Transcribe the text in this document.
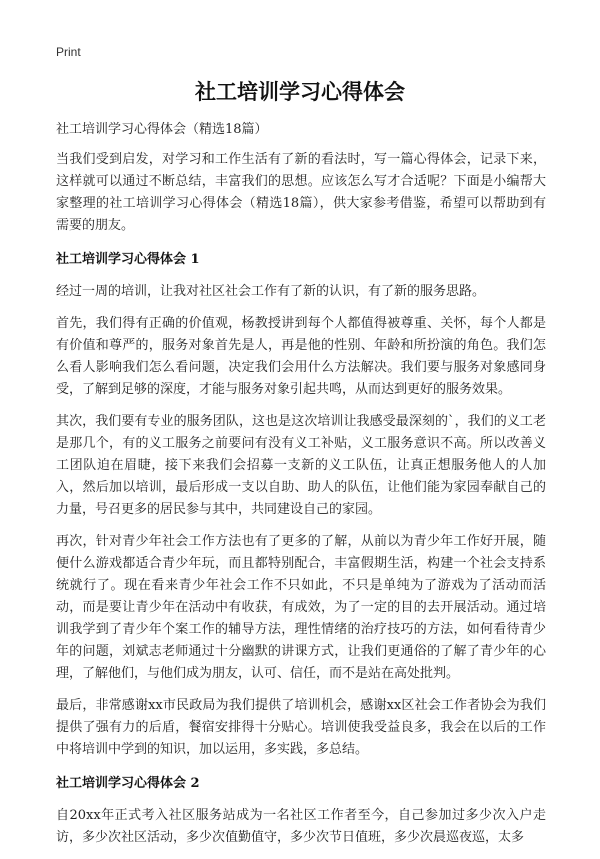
Print
社工培训学习心得体会

社工培训学习心得体会（精选18篇）

当我们受到启发，对学习和工作生活有了新的看法时，写一篇心得体会，记录下来，这样就可以通过不断总结，丰富我们的思想。应该怎么写才合适呢？下面是小编帮大家整理的社工培训学习心得体会（精选18篇），供大家参考借鉴，希望可以帮助到有需要的朋友。

社工培训学习心得体会 1

经过一周的培训，让我对社区社会工作有了新的认识，有了新的服务思路。

首先，我们得有正确的价值观，杨教授讲到每个人都值得被尊重、关怀，每个人都是有价值和尊严的，服务对象首先是人，再是他的性别、年龄和所扮演的角色。我们怎么看人影响我们怎么看问题，决定我们会用什么方法解决。我们要与服务对象感同身受，了解到足够的深度，才能与服务对象引起共鸣，从而达到更好的服务效果。

其次，我们要有专业的服务团队，这也是这次培训让我感受最深刻的`，我们的义工老是那几个，有的义工服务之前要问有没有义工补贴，义工服务意识不高。所以改善义工团队迫在眉睫，接下来我们会招募一支新的义工队伍，让真正想服务他人的人加入，然后加以培训，最后形成一支以自助、助人的队伍，让他们能为家园奉献自己的力量，号召更多的居民参与其中，共同建设自己的家园。

再次，针对青少年社会工作方法也有了更多的了解，从前以为青少年工作好开展，随便什么游戏都适合青少年玩，而且都特别配合，丰富假期生活，构建一个社会支持系统就行了。现在看来青少年社会工作不只如此，不只是单纯为了游戏为了活动而活动，而是要让青少年在活动中有收获，有成效，为了一定的目的去开展活动。通过培训我学到了青少年个案工作的辅导方法，理性情绪的治疗技巧的方法，如何看待青少年的问题，刘斌志老师通过十分幽默的讲课方式，让我们更通俗的了解了青少年的心理，了解他们，与他们成为朋友，认可、信任，而不是站在高处批判。

最后，非常感谢xx市民政局为我们提供了培训机会，感谢xx区社会工作者协会为我们提供了强有力的后盾，餐宿安排得十分贴心。培训使我受益良多，我会在以后的工作中将培训中学到的知识，加以运用，多实践，多总结。

社工培训学习心得体会 2

自20xx年正式考入社区服务站成为一名社区工作者至今，自己参加过多少次入户走访，多少次社区活动，多少次值勤值守，多少次节日值班，多少次晨巡夜巡，太多
